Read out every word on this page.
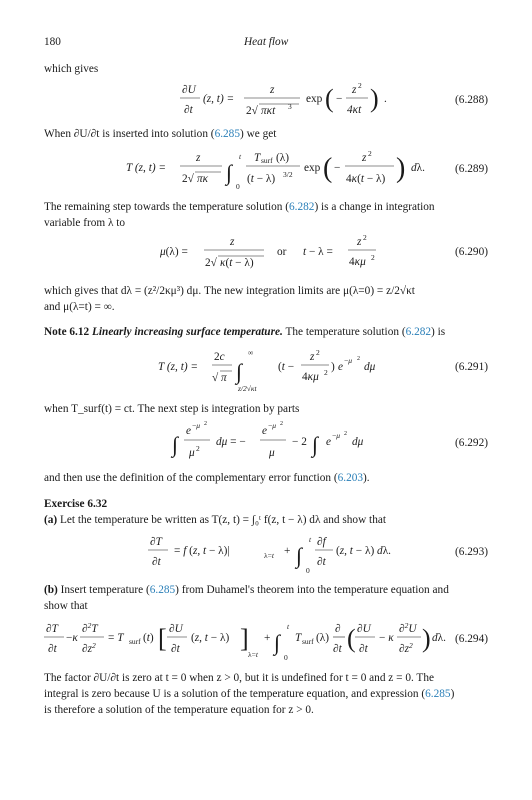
180	Heat flow
which gives
∂U
∂t
(z, t) =
z
2√ πκt 3
exp ( −
z 2
4κt ) .	(6.288)
When ∂U/∂t is inserted into solution (6.285) we get
T (z, t) =
z
2√ πκ ∫
t
0
T surf (λ)
(t − λ) 3/2
exp ( −
z 2
4κ(t − λ) ) dλ.	(6.289)
The remaining step towards the temperature solution (6.282) is a change in integration
variable from λ to
μ(λ) =
z
2√ κ(t − λ)
or t − λ =
z 2
4κμ 2	(6.290)
which gives that dλ = (z²/2κμ³) dμ. The new integration limits are μ(λ=0) = z/2√κt
and μ(λ=t) = ∞.
Note 6.12 Linearly increasing surface temperature. The temperature solution (6.282) is
T (z, t) =
2c
√ π ∫
∞
z/2√κt
(t −
z 2
4κμ 2 ) e
−μ 2
dμ	(6.291)
when T_surf(t) = ct. The next step is integration by parts
∫
e −μ 2
μ 2
dμ = −
e −μ 2
μ
− 2 ∫ e
−μ 2
dμ	(6.292)
and then use the definition of the complementary error function (6.203).
Exercise 6.32
(a) Let the temperature be written as T(z, t) = ∫₀ᵗ f(z, t − λ) dλ and show that
∂T
∂t
= f (z, t − λ)|	λ=t + ∫
t
0
∂f
∂t
(z, t − λ) dλ.	(6.293)
(b) Insert temperature (6.285) from Duhamel's theorem into the temperature equation and
show that
∂T
∂t
−κ
∂$^2$T
$\partial z^2$
= T surf (t) [ ∂U
∂t
(z, t − λ) ]
λ=t
+ ∫
t
0
T surf (λ)
∂
∂t ( ∂U
∂t
− κ
∂$^2$U
$\partial z^2$ ) dλ. (6.294)
The factor ∂U/∂t is zero at t = 0 when z > 0, but it is undefined for t = 0 and z = 0. The
integral is zero because U is a solution of the temperature equation, and expression (6.285)
is therefore a solution of the temperature equation for z > 0.
